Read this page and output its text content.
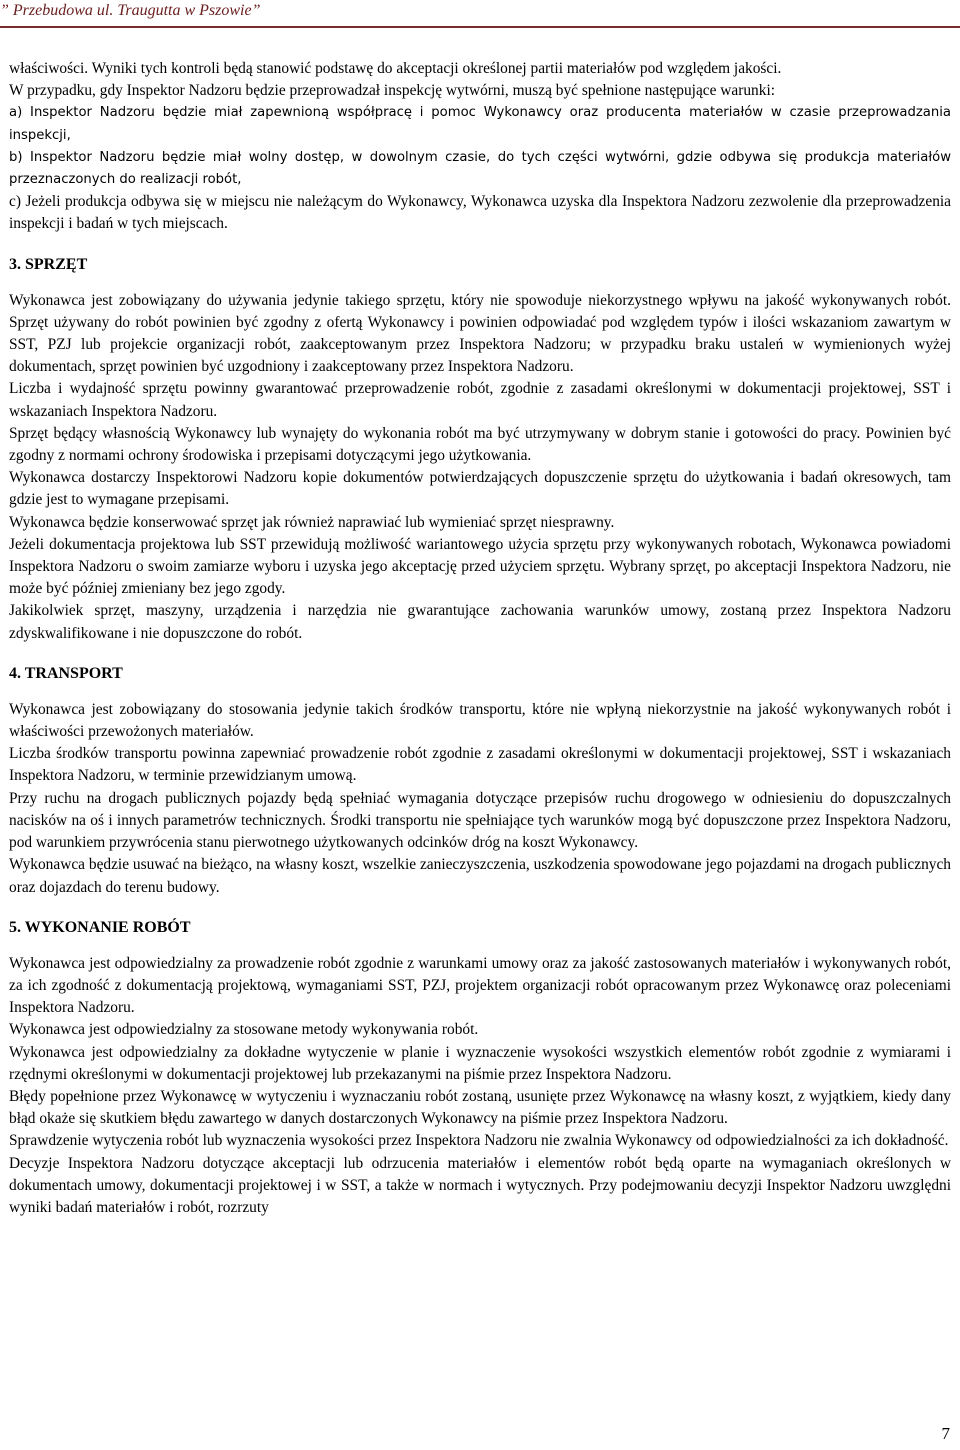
” Przebudowa ul. Traugutta w Pszowie”

właściwości. Wyniki tych kontroli będą stanowić podstawę do akceptacji określonej partii materiałów pod względem jakości.

W przypadku, gdy Inspektor Nadzoru będzie przeprowadzał inspekcję wytwórni, muszą być spełnione następujące warunki:

a) Inspektor Nadzoru będzie miał zapewnioną współpracę i pomoc Wykonawcy oraz producenta materiałów w czasie przeprowadzania inspekcji,

b) Inspektor Nadzoru będzie miał wolny dostęp, w dowolnym czasie, do tych części wytwórni, gdzie odbywa się produkcja materiałów przeznaczonych do realizacji robót,

c) Jeżeli produkcja odbywa się w miejscu nie należącym do Wykonawcy, Wykonawca uzyska dla Inspektora Nadzoru zezwolenie dla przeprowadzenia inspekcji i badań w tych miejscach.

3. SPRZĘT

Wykonawca jest zobowiązany do używania jedynie takiego sprzętu, który nie spowoduje niekorzystnego wpływu na jakość wykonywanych robót. Sprzęt używany do robót powinien być zgodny z ofertą Wykonawcy i powinien odpowiadać pod względem typów i ilości wskazaniom zawartym w SST, PZJ lub projekcie organizacji robót, zaakceptowanym przez Inspektora Nadzoru; w przypadku braku ustaleń w wymienionych wyżej dokumentach, sprzęt powinien być uzgodniony i zaakceptowany przez Inspektora Nadzoru.

Liczba i wydajność sprzętu powinny gwarantować przeprowadzenie robót, zgodnie z zasadami określonymi w dokumentacji projektowej, SST i wskazaniach Inspektora Nadzoru.

Sprzęt będący własnością Wykonawcy lub wynajęty do wykonania robót ma być utrzymywany w dobrym stanie i gotowości do pracy. Powinien być zgodny z normami ochrony środowiska i przepisami dotyczącymi jego użytkowania.

Wykonawca dostarczy Inspektorowi Nadzoru kopie dokumentów potwierdzających dopuszczenie sprzętu do użytkowania i badań okresowych, tam gdzie jest to wymagane przepisami.

Wykonawca będzie konserwować sprzęt jak również naprawiać lub wymieniać sprzęt niesprawny.

Jeżeli dokumentacja projektowa lub SST przewidują możliwość wariantowego użycia sprzętu przy wykonywanych robotach, Wykonawca powiadomi Inspektora Nadzoru o swoim zamiarze wyboru i uzyska jego akceptację przed użyciem sprzętu. Wybrany sprzęt, po akceptacji Inspektora Nadzoru, nie może być później zmieniany bez jego zgody.

Jakikolwiek sprzęt, maszyny, urządzenia i narzędzia nie gwarantujące zachowania warunków umowy, zostaną przez Inspektora Nadzoru zdyskwalifikowane i nie dopuszczone do robót.

4. TRANSPORT

Wykonawca jest zobowiązany do stosowania jedynie takich środków transportu, które nie wpłyną niekorzystnie na jakość wykonywanych robót i właściwości przewożonych materiałów.

Liczba środków transportu powinna zapewniać prowadzenie robót zgodnie z zasadami określonymi w dokumentacji projektowej, SST i wskazaniach Inspektora Nadzoru, w terminie przewidzianym umową.

Przy ruchu na drogach publicznych pojazdy będą spełniać wymagania dotyczące przepisów ruchu drogowego w odniesieniu do dopuszczalnych nacisków na oś i innych parametrów technicznych. Środki transportu nie spełniające tych warunków mogą być dopuszczone przez Inspektora Nadzoru, pod warunkiem przywrócenia stanu pierwotnego użytkowanych odcinków dróg na koszt Wykonawcy.

Wykonawca będzie usuwać na bieżąco, na własny koszt, wszelkie zanieczyszczenia, uszkodzenia spowodowane jego pojazdami na drogach publicznych oraz dojazdach do terenu budowy.

5. WYKONANIE ROBÓT

Wykonawca jest odpowiedzialny za prowadzenie robót zgodnie z warunkami umowy oraz za jakość zastosowanych materiałów i wykonywanych robót, za ich zgodność z dokumentacją projektową, wymaganiami SST, PZJ, projektem organizacji robót opracowanym przez Wykonawcę oraz poleceniami Inspektora Nadzoru.

Wykonawca jest odpowiedzialny za stosowane metody wykonywania robót.

Wykonawca jest odpowiedzialny za dokładne wytyczenie w planie i wyznaczenie wysokości wszystkich elementów robót zgodnie z wymiarami i rzędnymi określonymi w dokumentacji projektowej lub przekazanymi na piśmie przez Inspektora Nadzoru.

Błędy popełnione przez Wykonawcę w wytyczeniu i wyznaczaniu robót zostaną, usunięte przez Wykonawcę na własny koszt, z wyjątkiem, kiedy dany błąd okaże się skutkiem błędu zawartego w danych dostarczonych Wykonawcy na piśmie przez Inspektora Nadzoru.

Sprawdzenie wytyczenia robót lub wyznaczenia wysokości przez Inspektora Nadzoru nie zwalnia Wykonawcy od odpowiedzialności za ich dokładność.

Decyzje Inspektora Nadzoru dotyczące akceptacji lub odrzucenia materiałów i elementów robót będą oparte na wymaganiach określonych w dokumentach umowy, dokumentacji projektowej i w SST, a także w normach i wytycznych. Przy podejmowaniu decyzji Inspektor Nadzoru uwzględni wyniki badań materiałów i robót, rozrzuty

7
